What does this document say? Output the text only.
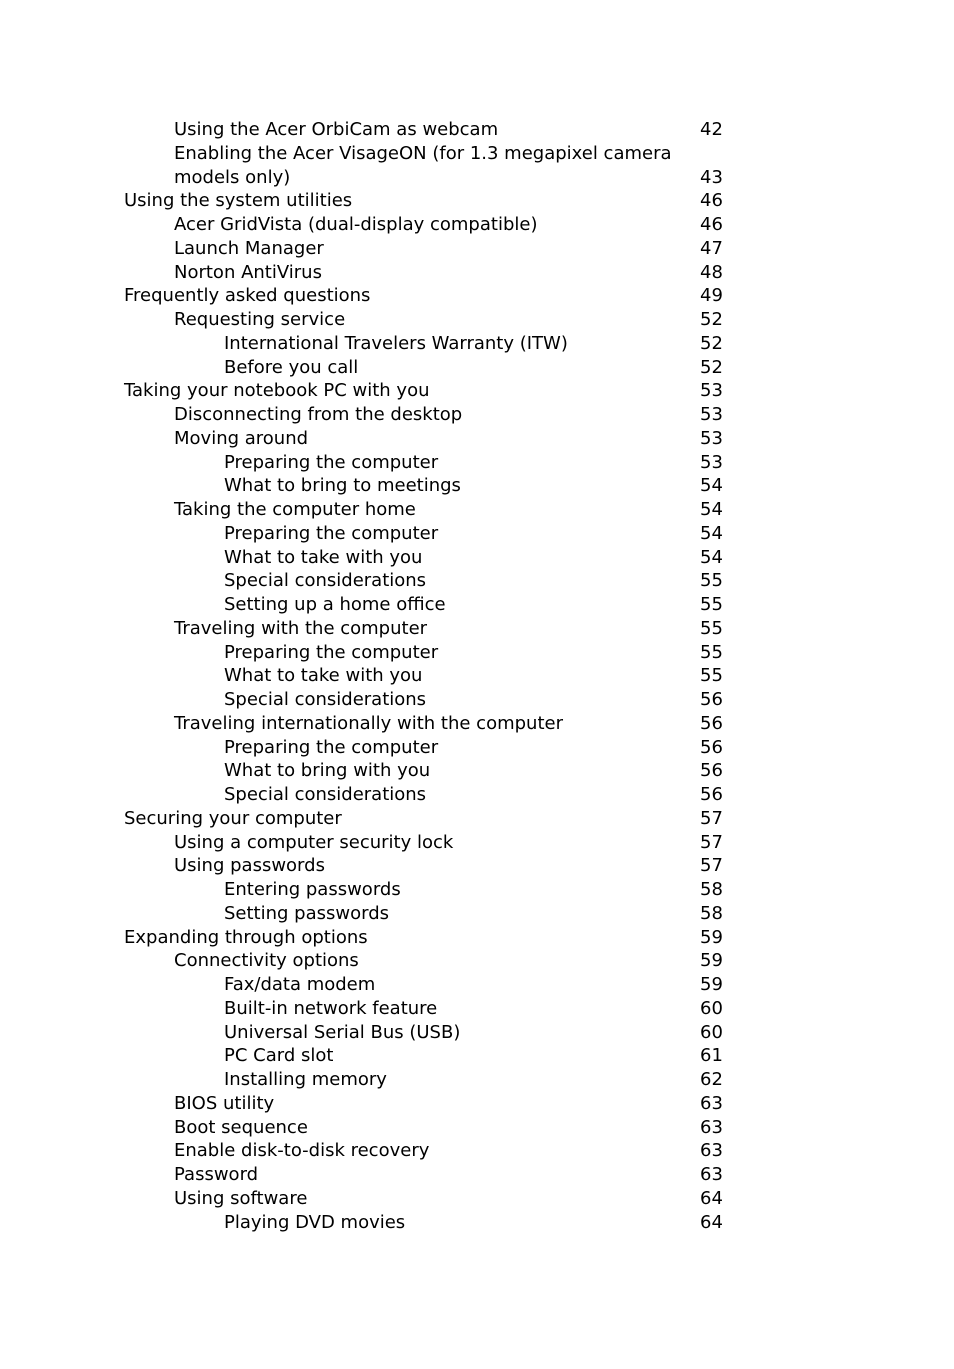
Using the Acer OrbiCam as webcam	42
Enabling the Acer VisageON (for 1.3 megapixel camera models only)	43
Using the system utilities	46
Acer GridVista (dual-display compatible)	46
Launch Manager	47
Norton AntiVirus	48
Frequently asked questions	49
Requesting service	52
International Travelers Warranty (ITW)	52
Before you call	52
Taking your notebook PC with you	53
Disconnecting from the desktop	53
Moving around	53
Preparing the computer	53
What to bring to meetings	54
Taking the computer home	54
Preparing the computer	54
What to take with you	54
Special considerations	55
Setting up a home office	55
Traveling with the computer	55
Preparing the computer	55
What to take with you	55
Special considerations	56
Traveling internationally with the computer	56
Preparing the computer	56
What to bring with you	56
Special considerations	56
Securing your computer	57
Using a computer security lock	57
Using passwords	57
Entering passwords	58
Setting passwords	58
Expanding through options	59
Connectivity options	59
Fax/data modem	59
Built-in network feature	60
Universal Serial Bus (USB)	60
PC Card slot	61
Installing memory	62
BIOS utility	63
Boot sequence	63
Enable disk-to-disk recovery	63
Password	63
Using software	64
Playing DVD movies	64
